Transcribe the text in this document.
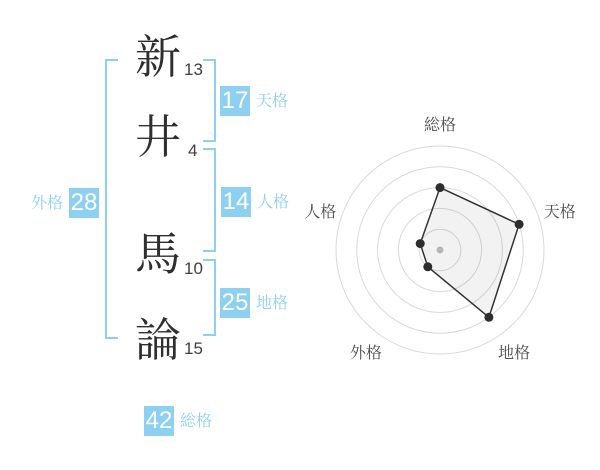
新 13
井 4
馬 10
論 15
17 天格
14 人格
25 地格
28
外格
42 総格
総格
天格
地格
外格
人格
